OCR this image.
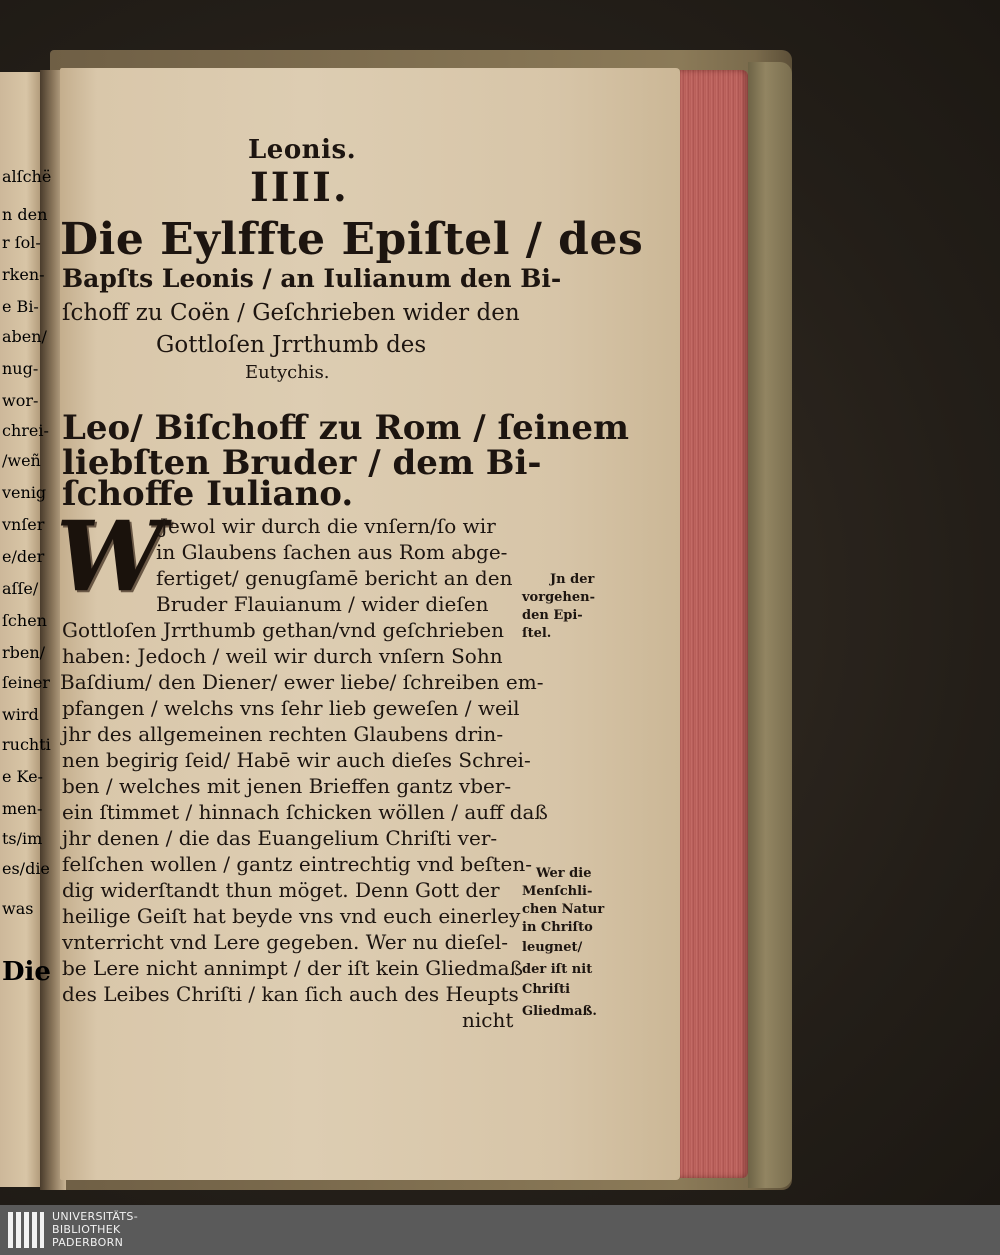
alſchë
n den
r ſol-
rken-
e Bi-
aben/
nug-
wor-
chrei-
/weñ
venig
vnſer
e/der
aſſe/
ſchen
rben/
ſeiner
wird
ruchti
e Ke-
men-
ts/im
es/die
was
Die
Leonis.
IIII.
Die Eylffte Epiſtel / des
Bapſts Leonis / an Iulianum den Bi-
ſchoff zu Coën / Geſchrieben wider den
Gottloſen Jrrthumb des
Eutychis.
Leo/ Biſchoff zu Rom / ſeinem
liebſten Bruder / dem Bi-
ſchoffe Iuliano.
W

Jewol wir durch die vnſern/ſo wir

in Glaubens ſachen aus Rom abge-

fertiget/ genugſamē bericht an den

Bruder Flauianum / wider dieſen

Gottloſen Jrrthumb gethan/vnd geſchrieben

haben: Jedoch / weil wir durch vnſern Sohn

Baſdium/ den Diener/ ewer liebe/ ſchreiben em-

pfangen / welchs vns ſehr lieb geweſen / weil

jhr des allgemeinen rechten Glaubens drin-

nen begirig ſeid/ Habē wir auch dieſes Schrei-

ben / welches mit jenen Brieffen gantz vber-

ein ſtimmet / hinnach ſchicken wöllen / auff daß

jhr denen / die das Euangelium Chriſti ver-

felſchen wollen / gantz eintrechtig vnd beſten-

dig widerſtandt thun möget. Denn Gott der

heilige Geiſt hat beyde vns vnd euch einerley

vnterricht vnd Lere gegeben. Wer nu dieſel-

be Lere nicht annimpt / der iſt kein Gliedmaß

des Leibes Chriſti / kan ſich auch des Heupts

nicht

Jn der
vorgehen-
den Epi-
ſtel.
Wer die
Menſchli-
chen Natur
in Chriſto
leugnet/
der iſt nit
Chriſti
Gliedmaß.
UNIVERSITÄTS-
BIBLIOTHEK
PADERBORN
